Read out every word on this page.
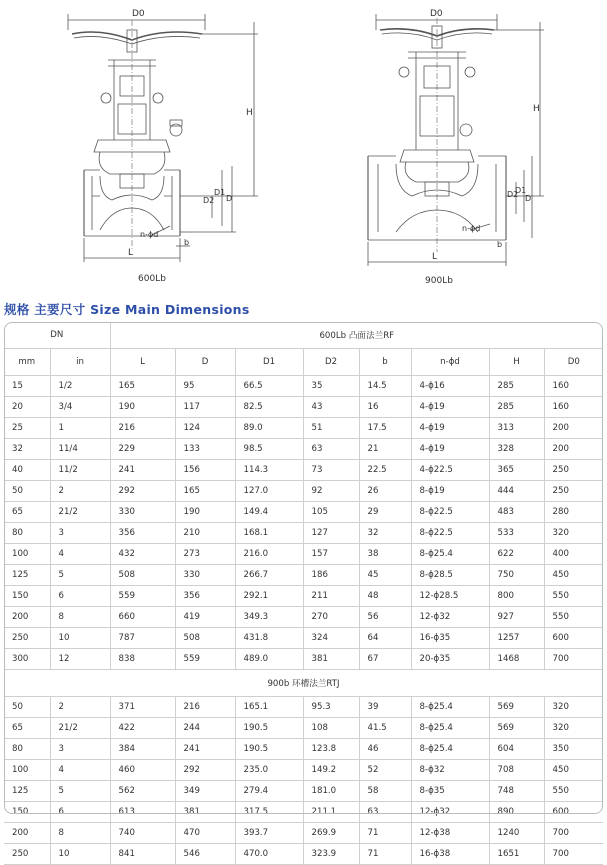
D0
H
D2
D1
D
n-ϕd
b
L
600Lb
D0
H
D2
D1
D
n-ϕd
b
L
900Lb
规格 主要尺寸 Size Main Dimensions
DN		600Lb 凸面法兰RF							
mm	in	L	D	D1	D2	b	n-ϕd	H	D0
15	1/2	165	95	66.5	35	14.5	4-ϕ16	285	160
20	3/4	190	117	82.5	43	16	4-ϕ19	285	160
25	1	216	124	89.0	51	17.5	4-ϕ19	313	200
32	11/4	229	133	98.5	63	21	4-ϕ19	328	200
40	11/2	241	156	114.3	73	22.5	4-ϕ22.5	365	250
50	2	292	165	127.0	92	26	8-ϕ19	444	250
65	21/2	330	190	149.4	105	29	8-ϕ22.5	483	280
80	3	356	210	168.1	127	32	8-ϕ22.5	533	320
100	4	432	273	216.0	157	38	8-ϕ25.4	622	400
125	5	508	330	266.7	186	45	8-ϕ28.5	750	450
150	6	559	356	292.1	211	48	12-ϕ28.5	800	550
200	8	660	419	349.3	270	56	12-ϕ32	927	550
250	10	787	508	431.8	324	64	16-ϕ35	1257	600
300	12	838	559	489.0	381	67	20-ϕ35	1468	700
900b 环槽法兰RTJ									
50	2	371	216	165.1	95.3	39	8-ϕ25.4	569	320
65	21/2	422	244	190.5	108	41.5	8-ϕ25.4	569	320
80	3	384	241	190.5	123.8	46	8-ϕ25.4	604	350
100	4	460	292	235.0	149.2	52	8-ϕ32	708	450
125	5	562	349	279.4	181.0	58	8-ϕ35	748	550
150	6	613	381	317.5	211.1	63	12-ϕ32	890	600
200	8	740	470	393.7	269.9	71	12-ϕ38	1240	700
250	10	841	546	470.0	323.9	71	16-ϕ38	1651	700
